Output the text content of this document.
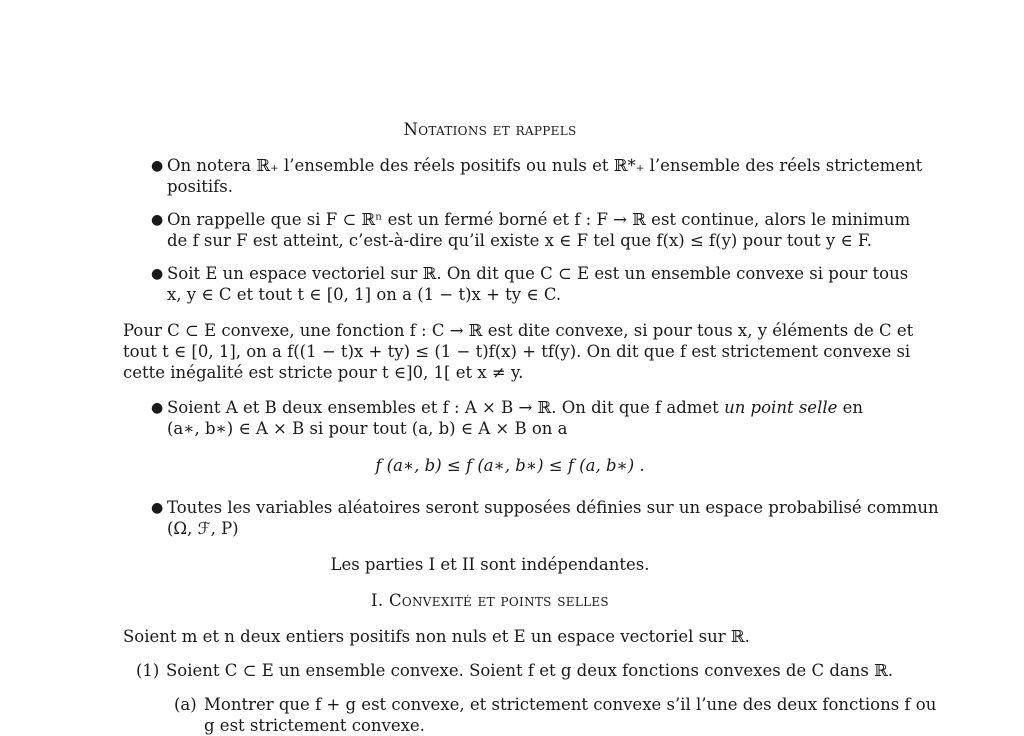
Notations et rappels
● On notera ℝ₊ l’ensemble des réels positifs ou nuls et ℝ*₊ l’ensemble des réels strictement
positifs.
● On rappelle que si F ⊂ ℝⁿ est un fermé borné et f : F → ℝ est continue, alors le minimum
de f sur F est atteint, c’est-à-dire qu’il existe x ∈ F tel que f(x) ≤ f(y) pour tout y ∈ F.
● Soit E un espace vectoriel sur ℝ. On dit que C ⊂ E est un ensemble convexe si pour tous
x, y ∈ C et tout t ∈ [0, 1] on a (1 − t)x + ty ∈ C.
Pour C ⊂ E convexe, une fonction f : C → ℝ est dite convexe, si pour tous x, y éléments de C et
tout t ∈ [0, 1], on a f((1 − t)x + ty) ≤ (1 − t)f(x) + tf(y). On dit que f est strictement convexe si
cette inégalité est stricte pour t ∈]0, 1[ et x ≠ y.
● Soient A et B deux ensembles et f : A × B → ℝ. On dit que f admet un point selle en
(a∗, b∗) ∈ A × B si pour tout (a, b) ∈ A × B on a
f (a∗, b) ≤ f (a∗, b∗) ≤ f (a, b∗) .
● Toutes les variables aléatoires seront supposées définies sur un espace probabilisé commun
(Ω, ℱ, P)
Les parties I et II sont indépendantes.
I. Convexité et points selles
Soient m et n deux entiers positifs non nuls et E un espace vectoriel sur ℝ.
(1) Soient C ⊂ E un ensemble convexe. Soient f et g deux fonctions convexes de C dans ℝ.
(a) Montrer que f + g est convexe, et strictement convexe s’il l’une des deux fonctions f ou
g est strictement convexe.
